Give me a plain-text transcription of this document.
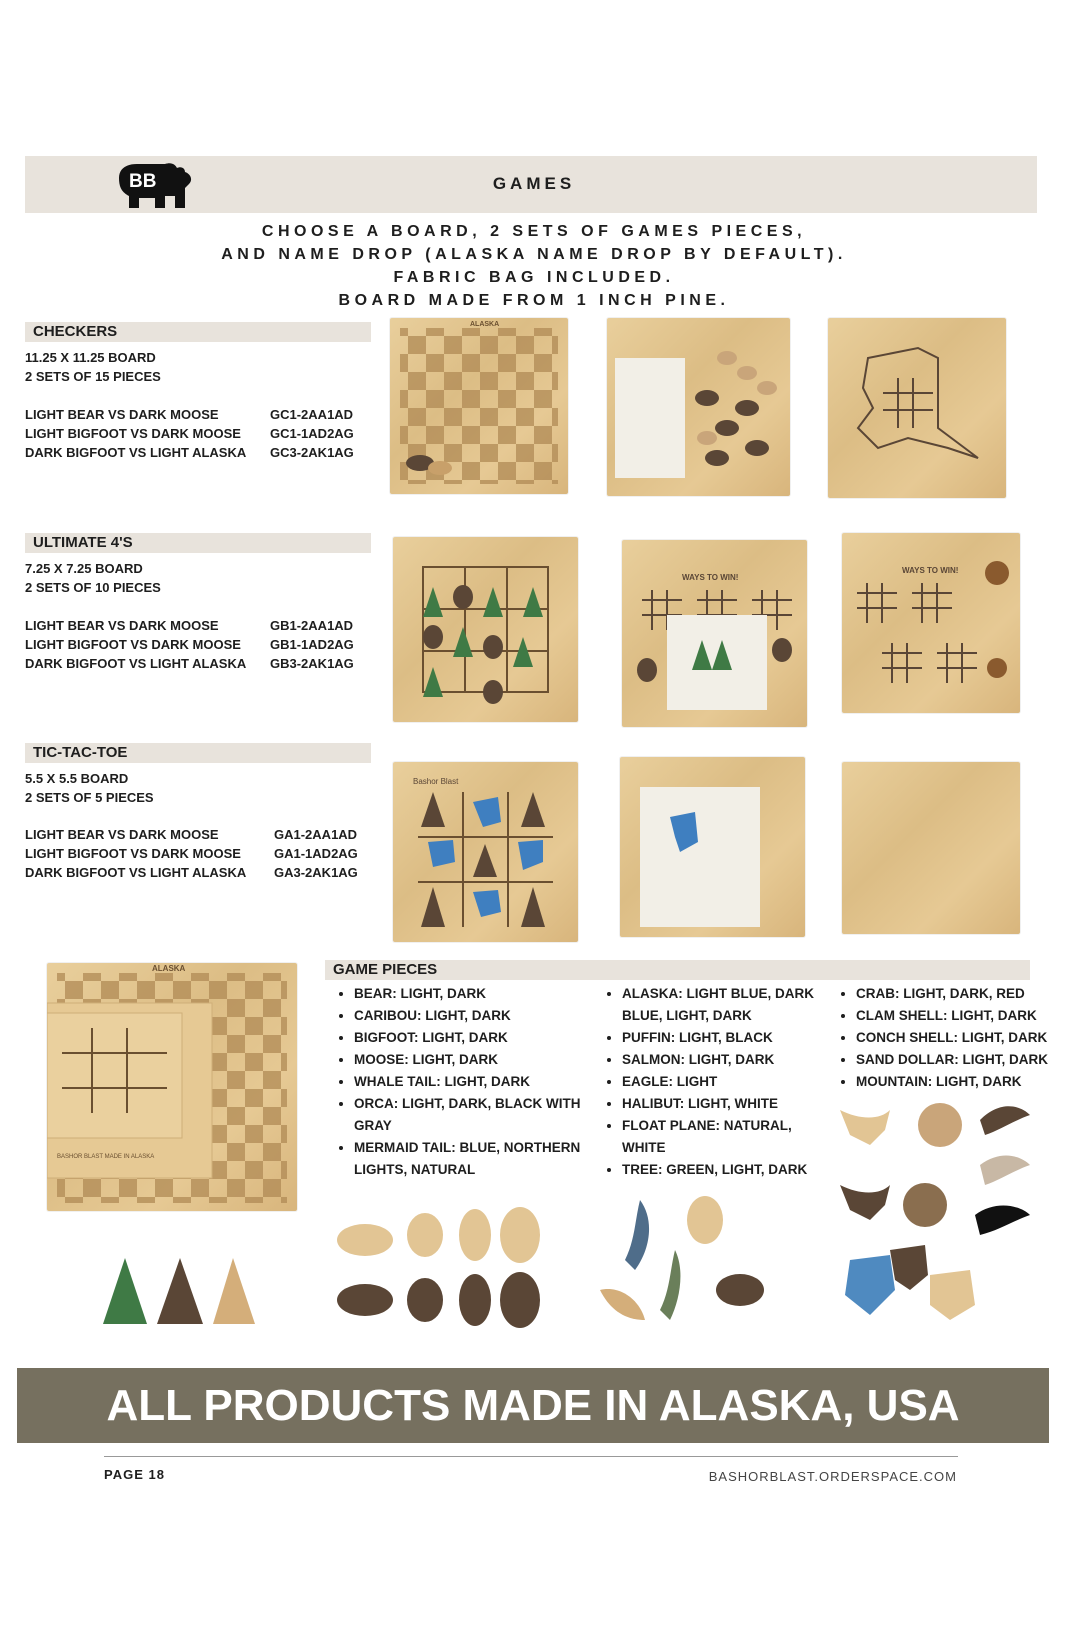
BB	GAMES
CHOOSE A BOARD, 2 SETS OF GAMES PIECES,
AND NAME DROP (ALASKA NAME DROP BY DEFAULT).
FABRIC BAG INCLUDED.
BOARD MADE FROM 1 INCH PINE.
CHECKERS
11.25 X 11.25 BOARD
2 SETS OF 15 PIECES
LIGHT BEAR VS DARK MOOSE
LIGHT BIGFOOT VS DARK MOOSE
DARK BIGFOOT VS LIGHT ALASKA
GC1-2AA1AD
GC1-1AD2AG
GC3-2AK1AG
ALASKA
ULTIMATE 4'S
7.25 X 7.25 BOARD
2 SETS OF 10 PIECES
LIGHT BEAR VS DARK MOOSE
LIGHT BIGFOOT VS DARK MOOSE
DARK BIGFOOT VS LIGHT ALASKA
GB1-2AA1AD
GB1-1AD2AG
GB3-2AK1AG
WAYS TO WIN!
WAYS TO WIN!
TIC-TAC-TOE
5.5 X 5.5 BOARD
2 SETS OF 5 PIECES
LIGHT BEAR VS DARK MOOSE
LIGHT BIGFOOT VS DARK MOOSE
DARK BIGFOOT VS LIGHT ALASKA
GA1-2AA1AD
GA1-1AD2AG
GA3-2AK1AG
Bashor Blast
ALASKA
BASHOR BLAST MADE IN ALASKA
GAME PIECES
• BEAR: LIGHT, DARK
• CARIBOU: LIGHT, DARK
• BIGFOOT: LIGHT, DARK
• MOOSE: LIGHT, DARK
• WHALE TAIL: LIGHT, DARK
• ORCA: LIGHT, DARK, BLACK WITH GRAY
• MERMAID TAIL: BLUE, NORTHERN LIGHTS, NATURAL
• ALASKA: LIGHT BLUE, DARK BLUE, LIGHT, DARK
• PUFFIN: LIGHT, BLACK
• SALMON: LIGHT, DARK
• EAGLE: LIGHT
• HALIBUT: LIGHT, WHITE
• FLOAT PLANE: NATURAL, WHITE
• TREE: GREEN, LIGHT, DARK
• CRAB: LIGHT, DARK, RED
• CLAM SHELL: LIGHT, DARK
• CONCH SHELL: LIGHT, DARK
• SAND DOLLAR: LIGHT, DARK
• MOUNTAIN: LIGHT, DARK
ALL PRODUCTS MADE IN ALASKA, USA
PAGE 18	BASHORBLAST.ORDERSPACE.COM
